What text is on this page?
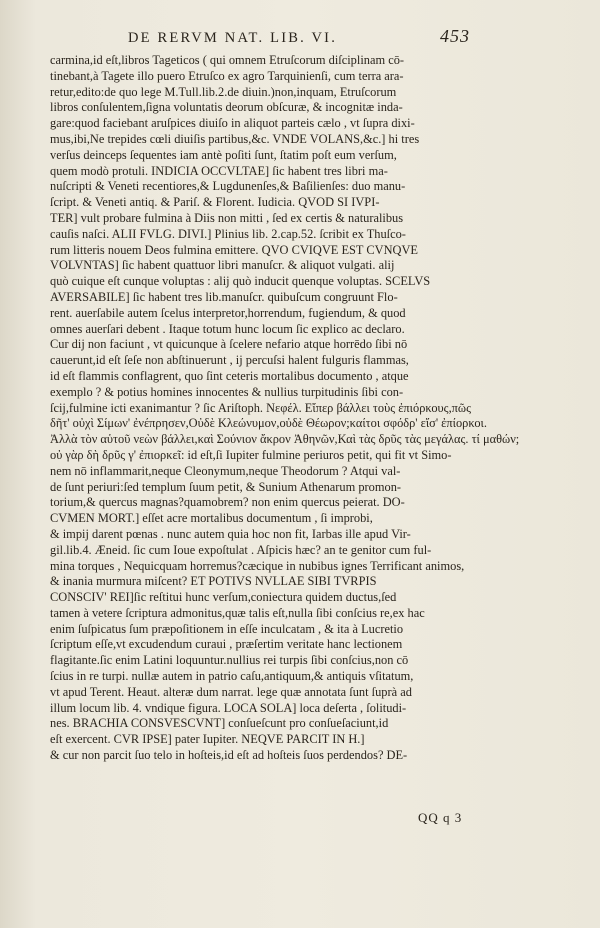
DE RERVM NAT. LIB. VI.	453
carmina,id eſt,libros Tageticos ( qui omnem Etruſcorum diſciplinam cō-
tinebant,à Tagete illo puero Etruſco ex agro Tarquinienſi, cum terra ara-
retur,edito:de quo lege M.Tull.lib.2.de diuin.)non,inquam, Etruſcorum
libros conſulentem,ſigna voluntatis deorum obſcuræ, & incognitæ inda-
gare:quod faciebant aruſpices diuiſo in aliquot parteis cælo , vt ſupra dixi-
mus,ibi,Ne trepides cœli diuiſis partibus,&c. VNDE VOLANS,&c.] hi tres
verſus deinceps ſequentes iam antè poſiti ſunt, ſtatim poſt eum verſum,
quem modò protuli. INDICIA OCCVLTAE] ſic habent tres libri ma-
nuſcripti & Veneti recentiores,& Lugdunenſes,& Baſilienſes: duo manu-
ſcript. & Veneti antiq. & Pariſ. & Florent. Iudicia. QVOD SI IVPI-
TER] vult probare fulmina à Diis non mitti , ſed ex certis & naturalibus
cauſis naſci. ALII FVLG. DIVI.] Plinius lib. 2.cap.52. ſcribit ex Thuſco-
rum litteris nouem Deos fulmina emittere. QVO CVIQVE EST CVNQVE
VOLVNTAS] ſic habent quattuor libri manuſcr. & aliquot vulgati. alij
quò cuique eſt cunque voluptas : alij quò inducit quenque voluptas. SCELVS
AVERSABILE] ſic habent tres lib.manuſcr. quibuſcum congruunt Flo-
rent. auerſabile autem ſcelus interpretor,horrendum, fugiendum, & quod
omnes auerſari debent . Itaque totum hunc locum ſic explico ac declaro.
Cur dij non faciunt , vt quicunque à ſcelere nefario atque horrēdo ſibi nō
cauerunt,id eſt ſeſe non abſtinuerunt , ij percuſsi halent fulguris flammas,
id eſt flammis conflagrent, quo ſint ceteris mortalibus documento , atque
exemplo ? & potius homines innocentes & nullius turpitudinis ſibi con-
ſcij,fulmine icti exanimantur ? ſic Ariſtoph. Νεφέλ. Εἴπερ βάλλει τοὺς ἐπιόρκους,πῶς
δῆτ' οὐχὶ Σίμων' ἐνέπρησεν,Οὐδὲ Κλεώνυμον,οὐδὲ Θέωρον;καίτοι σφόδρ' εἴσ' ἐπίορκοι.
Ἀλλὰ τὸν αὑτοῦ νεὼν βάλλει,καὶ Σούνιον ἄκρον Ἀθηνῶν,Καὶ τὰς δρῦς τὰς μεγάλας. τί μαθών;
οὐ γὰρ δὴ δρῦς γ' ἐπιορκεῖ: id eſt,ſi Iupiter fulmine periuros petit, qui fit vt Simo-
nem nō inflammarit,neque Cleonymum,neque Theodorum ? Atqui val-
de ſunt periuri:ſed templum ſuum petit, & Sunium Athenarum promon-
torium,& quercus magnas?quamobrem? non enim quercus peierat. DO-
CVMEN MORT.] eſſet acre mortalibus documentum , ſi improbi,
& impij darent pœnas . nunc autem quia hoc non fit, Iarbas ille apud Vir-
gil.lib.4. Æneid. ſic cum Ioue expoſtulat . Aſpicis hæc? an te genitor cum ful-
mina torques , Nequicquam horremus?cæcique in nubibus ignes Terrificant animos,
& inania murmura miſcent? ET POTIVS NVLLAE SIBI TVRPIS
CONSCIV' REI]ſic reſtitui hunc verſum,coniectura quidem ductus,ſed
tamen à vetere ſcriptura admonitus,quæ talis eſt,nulla ſibi conſcius re,ex hac
enim ſuſpicatus ſum præpoſitionem in eſſe inculcatam , & ita à Lucretio
ſcriptum eſſe,vt excudendum curaui , præſertim veritate hanc lectionem
flagitante.ſic enim Latini loquuntur.nullius rei turpis ſibi conſcius,non cō
ſcius in re turpi. nullæ autem in patrio caſu,antiquum,& antiquis vſitatum,
vt apud Terent. Heaut. alteræ dum narrat. lege quæ annotata ſunt ſuprà ad
illum locum lib. 4. vndique figura. LOCA SOLA] loca deſerta , ſolitudi-
nes. BRACHIA CONSVESCVNT] conſueſcunt pro conſueſaciunt,id
eſt exercent. CVR IPSE] pater Iupiter. NEQVE PARCIT IN H.]
& cur non parcit ſuo telo in hoſteis,id eſt ad hoſteis ſuos perdendos? DE-
QQ q 3
